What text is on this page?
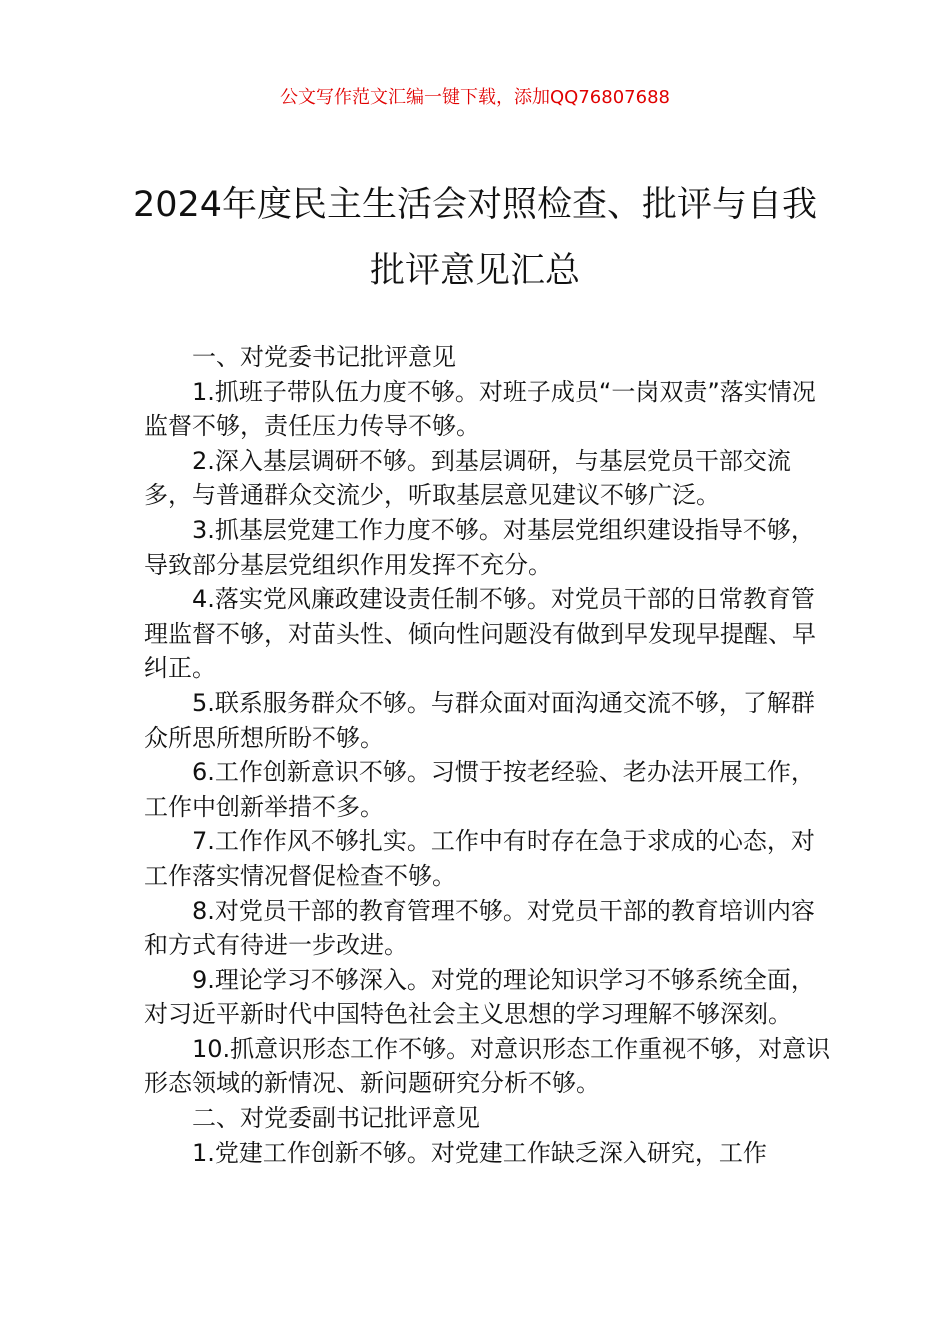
公文写作范文汇编一键下载，添加QQ76807688
2024年度民主生活会对照检查、批评与自我批评意见汇总

一、对党委书记批评意见

1.抓班子带队伍力度不够。对班子成员“一岗双责”落实情况监督不够，责任压力传导不够。

2.深入基层调研不够。到基层调研，与基层党员干部交流多，与普通群众交流少，听取基层意见建议不够广泛。

3.抓基层党建工作力度不够。对基层党组织建设指导不够，导致部分基层党组织作用发挥不充分。

4.落实党风廉政建设责任制不够。对党员干部的日常教育管理监督不够，对苗头性、倾向性问题没有做到早发现早提醒、早纠正。

5.联系服务群众不够。与群众面对面沟通交流不够，了解群众所思所想所盼不够。

6.工作创新意识不够。习惯于按老经验、老办法开展工作，工作中创新举措不多。

7.工作作风不够扎实。工作中有时存在急于求成的心态，对工作落实情况督促检查不够。

8.对党员干部的教育管理不够。对党员干部的教育培训内容和方式有待进一步改进。

9.理论学习不够深入。对党的理论知识学习不够系统全面，对习近平新时代中国特色社会主义思想的学习理解不够深刻。

10.抓意识形态工作不够。对意识形态工作重视不够，对意识形态领域的新情况、新问题研究分析不够。

二、对党委副书记批评意见

1.党建工作创新不够。对党建工作缺乏深入研究，工作
